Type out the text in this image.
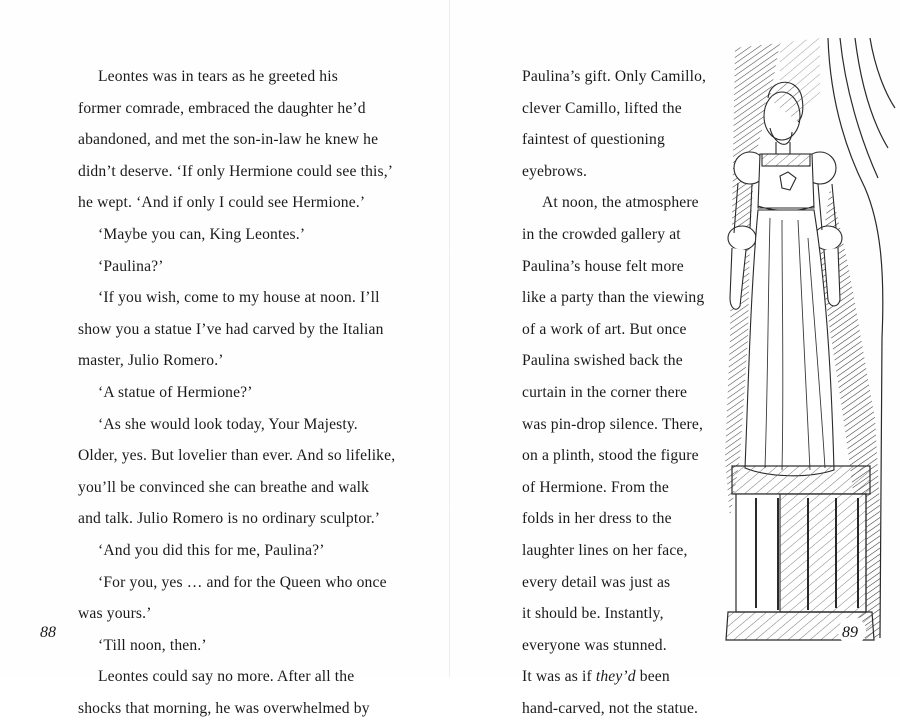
Leontes was in tears as he greeted his
former comrade, embraced the daughter he’d
abandoned, and met the son-in-law he knew he
didn’t deserve. ‘If only Hermione could see this,’
he wept. ‘And if only I could see Hermione.’
‘Maybe you can, King Leontes.’
‘Paulina?’
‘If you wish, come to my house at noon. I’ll
show you a statue I’ve had carved by the Italian
master, Julio Romero.’
‘A statue of Hermione?’
‘As she would look today, Your Majesty.
Older, yes. But lovelier than ever. And so lifelike,
you’ll be convinced she can breathe and walk
and talk. Julio Romero is no ordinary sculptor.’
‘And you did this for me, Paulina?’
‘For you, yes … and for the Queen who once
was yours.’
‘Till noon, then.’
Leontes could say no more. After all the
shocks that morning, he was overwhelmed by
88
Paulina’s gift. Only Camillo,
clever Camillo, lifted the
faintest of questioning
eyebrows.
At noon, the atmosphere
in the crowded gallery at
Paulina’s house felt more
like a party than the viewing
of a work of art. But once
Paulina swished back the
curtain in the corner there
was pin-drop silence. There,
on a plinth, stood the figure
of Hermione. From the
folds in her dress to the
laughter lines on her face,
every detail was just as
it should be. Instantly,
everyone was stunned.
It was as if they’d been
hand-carved, not the statue.
89
